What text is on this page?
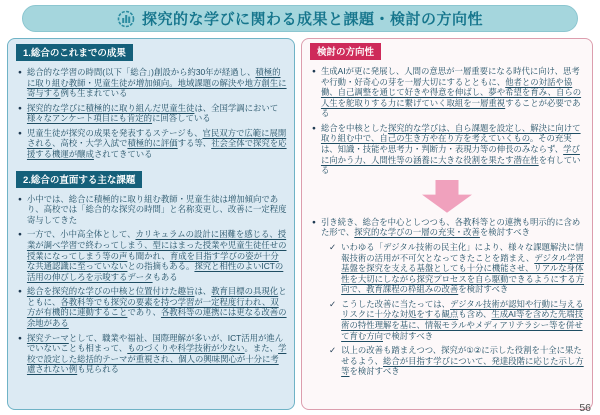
探究的な学びに関わる成果と課題・検討の方向性
1.総合のこれまでの成果
● 総合的な学習の時間(以下「総合」)創設から約30年が経過し、積極的に取り組む教師・児童生徒が増加傾向。地域課題の解決や地方創生に寄与する例も生まれている
● 探究的な学びに積極的に取り組んだ児童生徒は、全国学調において様々なアンケート項目にも肯定的に回答している
● 児童生徒が探究の成果を発表するステージも、官民双方で広範に展開される、高校・大学入試で積極的に評価する等、社会全体で探究を応援する機運が醸成されてきている
2.総合の直面する主な課題
● 小中では、総合に積極的に取り組む教師・児童生徒は増加傾向であり、高校では「総合的な探究の時間」と名称変更し、改善に一定程度寄与してきた
● 一方で、小中高全体として、カリキュラムの設計に困難を感じる、授業が調べ学習で終わってしまう、型にはまった授業や児童生徒任せの授業になってしまう等の声も聞かれ、育成を目指す学びの姿が十分な共通認識に至っていないとの指摘もある。探究と相性のよいICTの活用の伸びしろを示唆するデータもある
● 総合を探究的な学びの中核と位置付けた趣旨は、教育目標の具現化とともに、各教科等でも探究の要素を持つ学習が一定程度行われ、双方が有機的に連動することであり、各教科等の連携には更なる改善の余地がある
● 探究テーマとして、職業や福祉、国際理解が多いが、ICT活用が進んでいないことも相まって、ものづくりや科学技術が少ない。また、学校で設定した総括的テーマが重視され、個人の興味関心が十分に考慮されない例も見られる
検討の方向性
● 生成AIが更に発展し、人間の意思が一層重要になる時代に向け、思考や行動・好奇心の芽を一層大切にするとともに、他者との対話や協働、自己調整を通じて好きや得意を伸ばし、夢や希望を育み、自らの人生を舵取りする力に繋げていく取組を一層重視することが必要である
● 総合を中核とした探究的な学びは、自ら課題を設定し、解決に向けて取り組む中で、自己の生き方や在り方を考えていくもの。その充実は、知識・技能や思考力・判断力・表現力等の伸長のみならず、学びに向かう力、人間性等の涵養に大きな役割を果たす潜在性を有している
● 引き続き、総合を中心としつつも、各教科等との連携も明示的に含めた形で、探究的な学びの一層の充実・改善を検討すべき
✓ いわゆる「デジタル技術の民主化」により、様々な課題解決に情報技術の活用が不可欠となってきたことを踏まえ、デジタル学習基盤を探究を支える基盤としても十分に機能させ、リアルな身体性を大切にしながら探究プロセスを自ら駆動できるようにする方向で、教育課程の枠組みの改善を検討すべき
✓ こうした改善に当たっては、デジタル技術が認知や行動に与えるリスクに十分な対処をする観点も含め、生成AI等を含めた先端技術の特性理解を基に、情報モラルやメディアリテラシー等を併せて育む方向で検討すべき
✓ 以上の改善も踏まえつつ、探究が①②に示した役割を十全に果たせるよう、総合が目指す学びについて、発達段階に応じた示し方等を検討すべき
56
